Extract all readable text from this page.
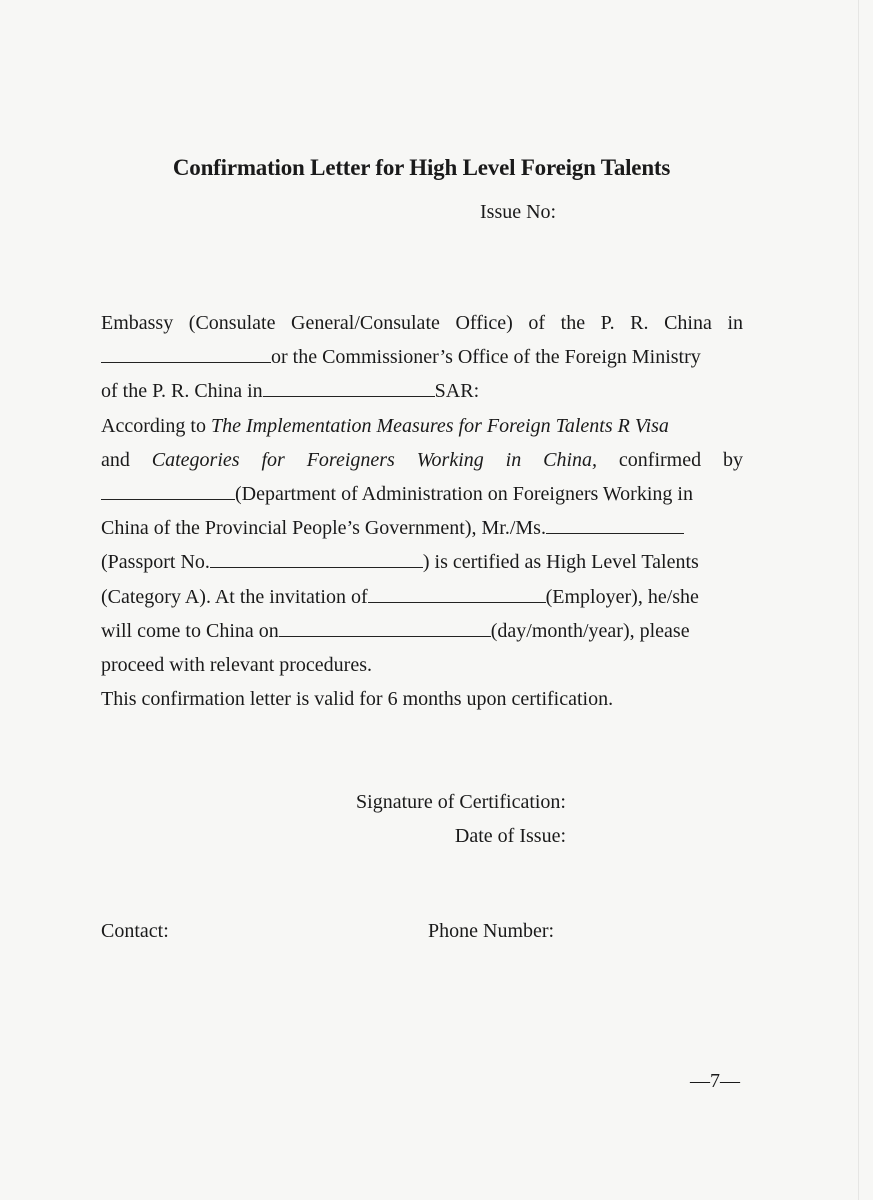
Confirmation Letter for High Level Foreign Talents
Issue No:
Embassy (Consulate General/Consulate Office) of the P. R. China in
or the Commissioner’s Office of the Foreign Ministry
of the P. R. China in	SAR:
According to The Implementation Measures for Foreign Talents R Visa
and Categories for Foreigners Working in China, confirmed by
(Department of Administration on Foreigners Working in
China of the Provincial People’s Government), Mr./Ms.
(Passport No.	) is certified as High Level Talents
(Category A). At the invitation of	(Employer), he/she
will come to China on	(day/month/year), please
proceed with relevant procedures.
This confirmation letter is valid for 6 months upon certification.
Signature of Certification:
Date of Issue:
Contact:	Phone Number:
—7—
